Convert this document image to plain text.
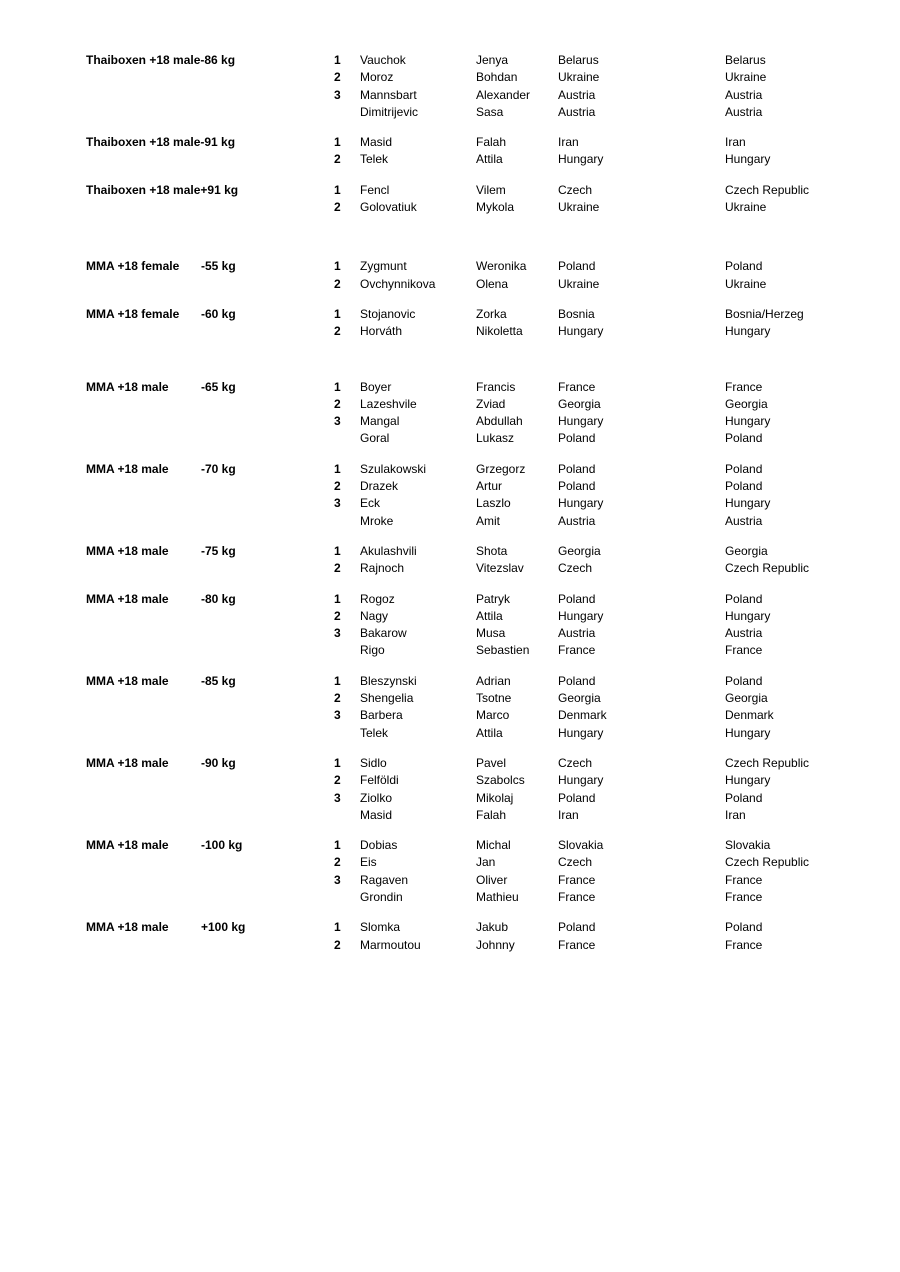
Thaiboxen +18 male-86 kg	1 Vauchok	Jenya	Belarus	Belarus
2 Moroz	Bohdan	Ukraine	Ukraine
3 Mannsbart	Alexander Austria	Austria
Dimitrijevic	Sasa	Austria	Austria
Thaiboxen +18 male-91 kg	1 Masid	Falah	Iran	Iran
2 Telek	Attila	Hungary	Hungary
Thaiboxen +18 male+91 kg	1 Fencl	Vilem	Czech	Czech Republic
2 Golovatiuk	Mykola	Ukraine	Ukraine
MMA +18 female -55 kg	1 Zygmunt	Weronika	Poland	Poland
2 Ovchynnikova	Olena	Ukraine	Ukraine
MMA +18 female -60 kg	1 Stojanovic	Zorka	Bosnia	Bosnia/Herzeg
2 Horváth	Nikoletta	Hungary	Hungary
MMA +18 male	-65 kg	1 Boyer	Francis	France	France
2 Lazeshvile	Zviad	Georgia	Georgia
3 Mangal	Abdullah	Hungary	Hungary
Goral	Lukasz	Poland	Poland
MMA +18 male	-70 kg	1 Szulakowski	Grzegorz	Poland	Poland
2 Drazek	Artur	Poland	Poland
3 Eck	Laszlo	Hungary	Hungary
Mroke	Amit	Austria	Austria
MMA +18 male	-75 kg	1 Akulashvili	Shota	Georgia	Georgia
2 Rajnoch	Vitezslav	Czech	Czech Republic
MMA +18 male	-80 kg	1 Rogoz	Patryk	Poland	Poland
2 Nagy	Attila	Hungary	Hungary
3 Bakarow	Musa	Austria	Austria
Rigo	Sebastien France	France
MMA +18 male	-85 kg	1 Bleszynski	Adrian	Poland	Poland
2 Shengelia	Tsotne	Georgia	Georgia
3 Barbera	Marco	Denmark	Denmark
Telek	Attila	Hungary	Hungary
MMA +18 male	-90 kg	1 Sidlo	Pavel	Czech	Czech Republic
2 Felföldi	Szabolcs	Hungary	Hungary
3 Ziolko	Mikolaj	Poland	Poland
Masid	Falah	Iran	Iran
MMA +18 male	-100 kg	1 Dobias	Michal	Slovakia	Slovakia
2 Eis	Jan	Czech	Czech Republic
3 Ragaven	Oliver	France	France
Grondin	Mathieu	France	France
MMA +18 male	+100 kg	1 Slomka	Jakub	Poland	Poland
2 Marmoutou	Johnny	France	France
